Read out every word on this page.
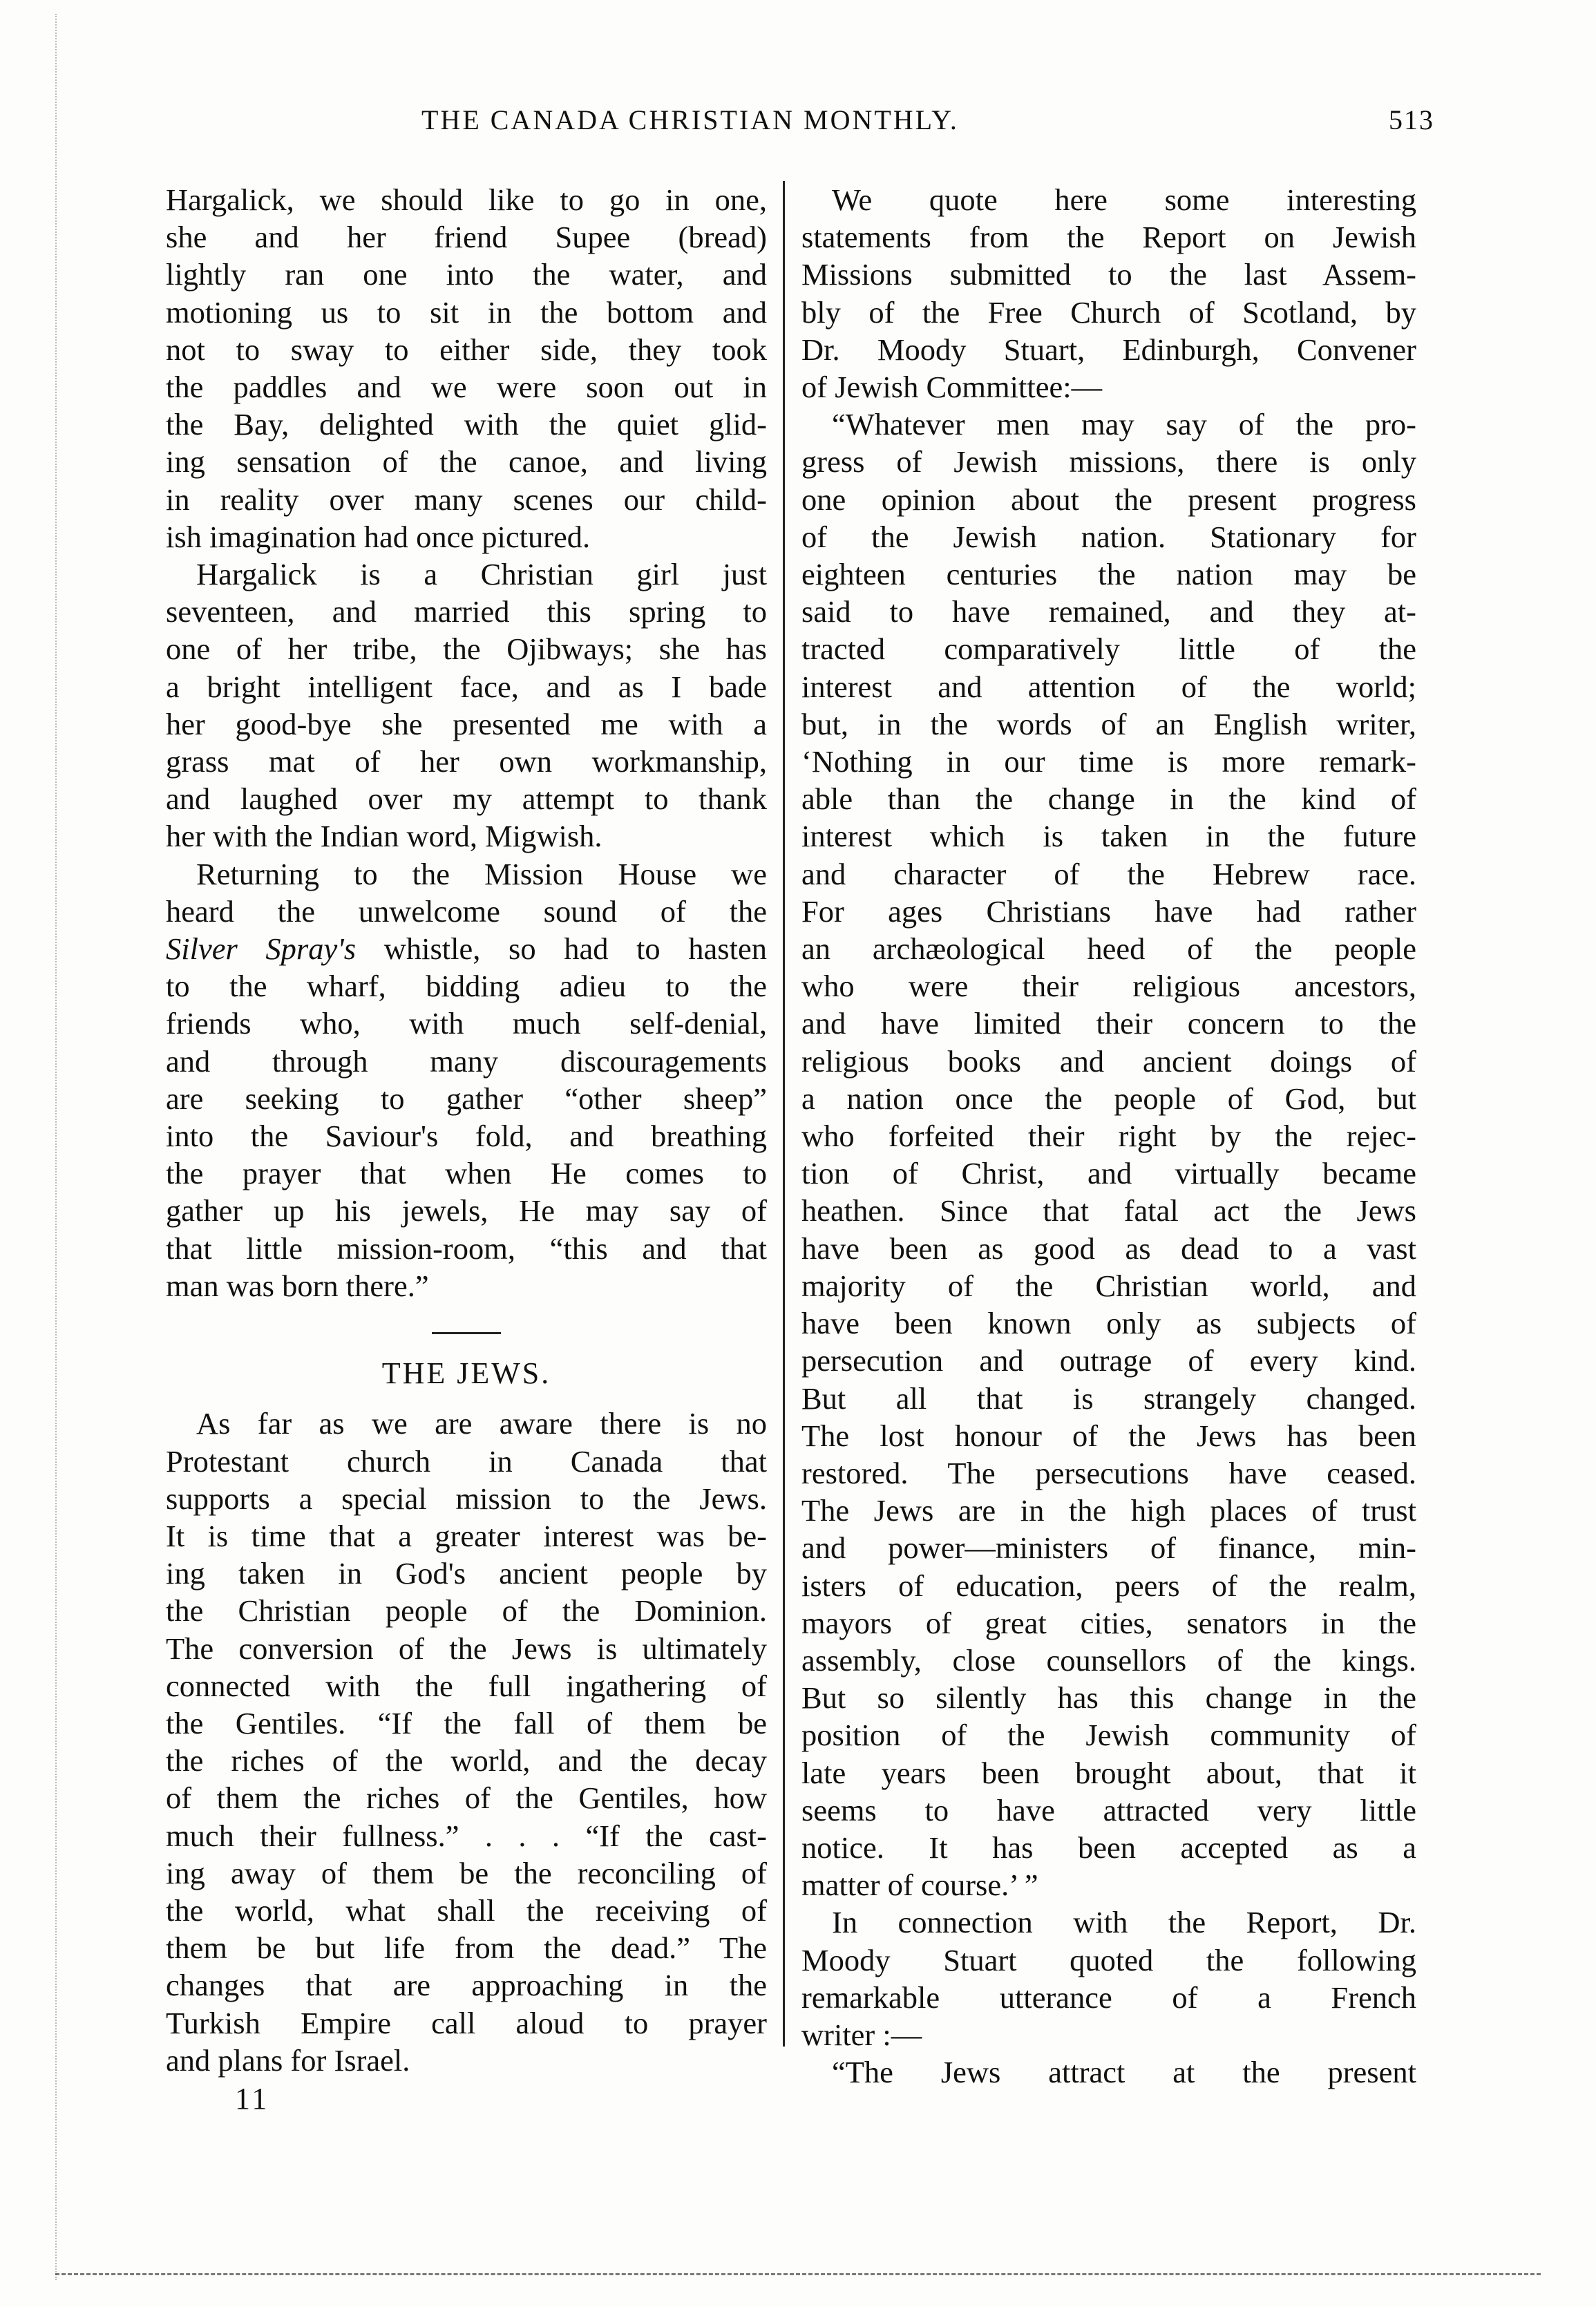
THE CANADA CHRISTIAN MONTHLY.	513

Hargalick, we should like to go in one,
she and her friend Supee (bread)
lightly ran one into the water, and
motioning us to sit in the bottom and
not to sway to either side, they took
the paddles and we were soon out in
the Bay, delighted with the quiet glid-
ing sensation of the canoe, and living
in reality over many scenes our child-
ish imagination had once pictured.

Hargalick is a Christian girl just
seventeen, and married this spring to
one of her tribe, the Ojibways; she has
a bright intelligent face, and as I bade
her good-bye she presented me with a
grass mat of her own workmanship,
and laughed over my attempt to thank
her with the Indian word, Migwish.

Returning to the Mission House we
heard the unwelcome sound of the
Silver Spray's whistle, so had to hasten
to the wharf, bidding adieu to the
friends who, with much self-denial,
and through many discouragements
are seeking to gather “other sheep”
into the Saviour's fold, and breathing
the prayer that when He comes to
gather up his jewels, He may say of
that little mission-room, “this and that
man was born there.”

THE JEWS.

As far as we are aware there is no
Protestant church in Canada that
supports a special mission to the Jews.
It is time that a greater interest was be-
ing taken in God's ancient people by
the Christian people of the Dominion.
The conversion of the Jews is ultimately
connected with the full ingathering of
the Gentiles. “If the fall of them be
the riches of the world, and the decay
of them the riches of the Gentiles, how
much their fullness.” . . . “If the cast-
ing away of them be the reconciling of
the world, what shall the receiving of
them be but life from the dead.” The
changes that are approaching in the
Turkish Empire call aloud to prayer
and plans for Israel.

11

We quote here some interesting
statements from the Report on Jewish
Missions submitted to the last Assem-
bly of the Free Church of Scotland, by
Dr. Moody Stuart, Edinburgh, Convener
of Jewish Committee:—

“Whatever men may say of the pro-
gress of Jewish missions, there is only
one opinion about the present progress
of the Jewish nation. Stationary for
eighteen centuries the nation may be
said to have remained, and they at-
tracted comparatively little of the
interest and attention of the world;
but, in the words of an English writer,
‘Nothing in our time is more remark-
able than the change in the kind of
interest which is taken in the future
and character of the Hebrew race.
For ages Christians have had rather
an archæological heed of the people
who were their religious ancestors,
and have limited their concern to the
religious books and ancient doings of
a nation once the people of God, but
who forfeited their right by the rejec-
tion of Christ, and virtually became
heathen. Since that fatal act the Jews
have been as good as dead to a vast
majority of the Christian world, and
have been known only as subjects of
persecution and outrage of every kind.
But all that is strangely changed.
The lost honour of the Jews has been
restored. The persecutions have ceased.
The Jews are in the high places of trust
and power—ministers of finance, min-
isters of education, peers of the realm,
mayors of great cities, senators in the
assembly, close counsellors of the kings.
But so silently has this change in the
position of the Jewish community of
late years been brought about, that it
seems to have attracted very little
notice. It has been accepted as a
matter of course.’ ”

In connection with the Report, Dr.
Moody Stuart quoted the following
remarkable utterance of a French
writer :—

“The Jews attract at the present
